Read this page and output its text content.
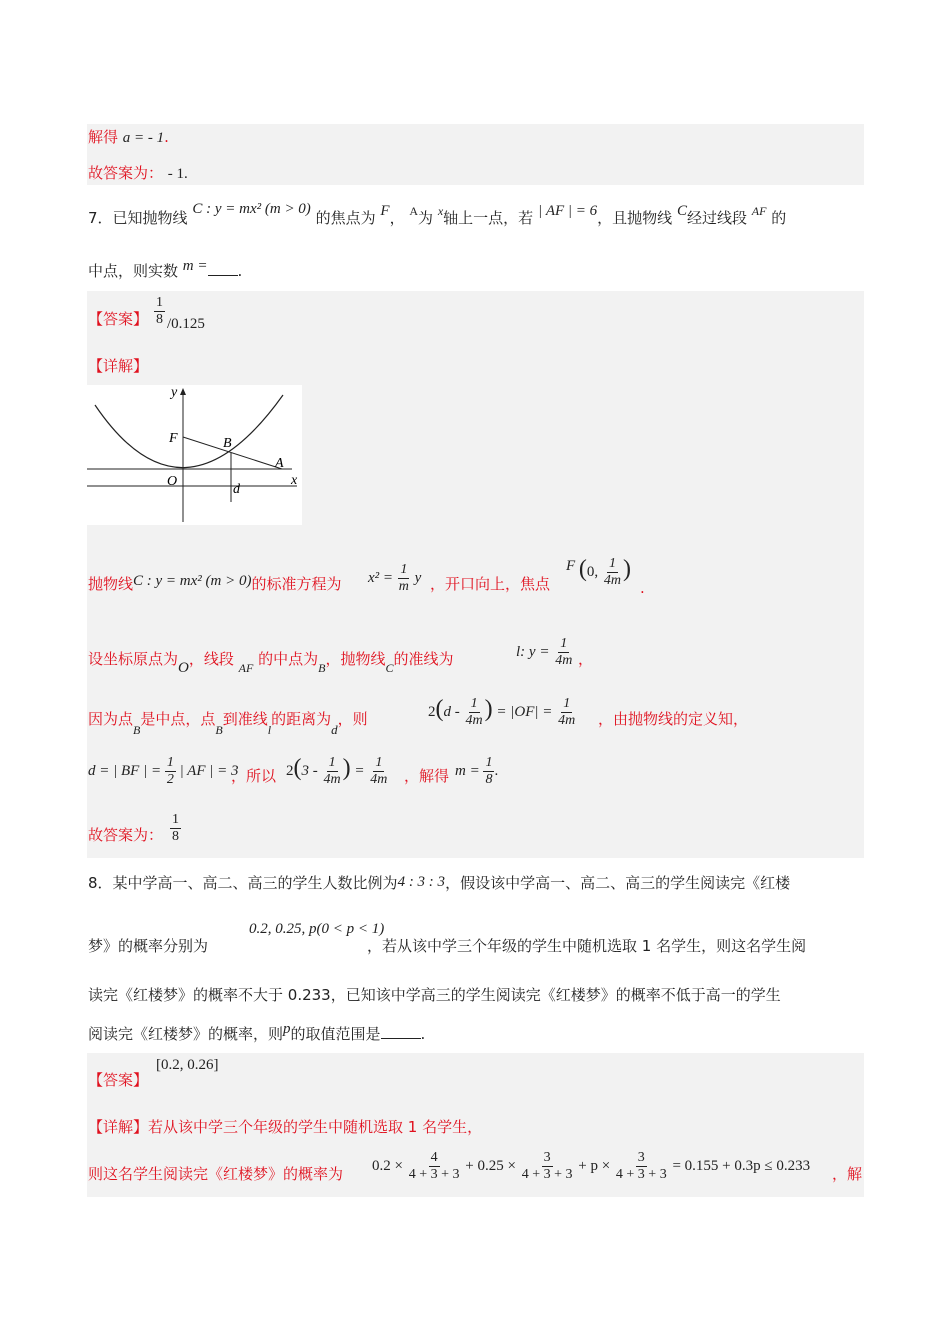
解得 a = - 1.
故答案为： - 1.
7．已知抛物线 C : y = mx² (m > 0) 的焦点为 F， $^A$为 $^x$轴上一点，若 | AF | = 6，且抛物线 C经过线段 $^{AF}$ 的
中点，则实数 m = .
【答案】 $\frac{1}{8} /0.125$
【详解】
y
F	B
A
O
d
x
抛物线C : y = mx² (m > 0)的标准方程为 $x^2 = \frac{1}{m}$ y ，开口向上，焦点
F (0, $\frac{1}{4m}$ )
.
设坐标原点为O，线段 $_{AF}$ 的中点为$_B$，抛物线$_C$的准线为	l: $y = \frac{1}{4m}$ ，
因为点$_B$是中点，点$_B$到准线$_l$的距离为d，则	$2(d - \frac{1}{4m}$ ) = $|OF| = \frac{1}{4m}$ ，由抛物线的定义知，
d = | BF | = $\frac{1}{2}$ | AF | = 3
，所以 $2(3 - \frac{1}{4m}$ ) = $\frac{1}{4m}$ ，解得 $m = \frac{1}{8}$ .
故答案为： $\frac{1}{8}$
8．某中学高一、高二、高三的学生人数比例为4 : 3 : 3，假设该中学高一、高二、高三的学生阅读完《红楼
0.2, 0.25, p(0 < p < 1)
梦》的概率分别为	，若从该中学三个年级的学生中随机选取 1 名学生，则这名学生阅
读完《红楼梦》的概率不大于 0.233，已知该中学高三的学生阅读完《红楼梦》的概率不低于高一的学生
阅读完《红楼梦》的概率，则p的取值范围是	.
[0.2, 0.26]
【答案】
【详解】若从该中学三个年级的学生中随机选取 1 名学生，
则这名学生阅读完《红楼梦》的概率为 $0.2 \times \frac{4}{4 + 3 + 3} + 0.25 \times \frac{3}{4 + 3 + 3} + p \times \frac{3}{4 + 3 + 3} = 0.155 + 0.3p \le 0.233$ ，解
